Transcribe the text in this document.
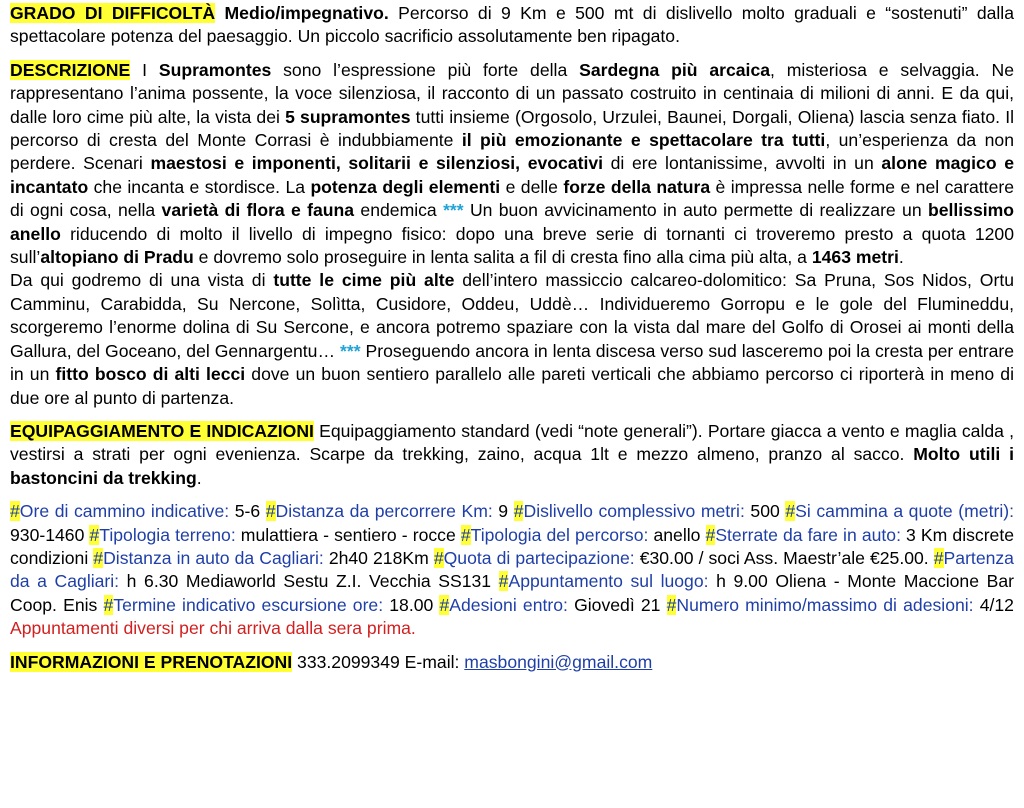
GRADO DI DIFFICOLTÀ Medio/impegnativo. Percorso di 9 Km e 500 mt di dislivello molto graduali e “sostenuti” dalla spettacolare potenza del paesaggio. Un piccolo sacrificio assolutamente ben ripagato.

DESCRIZIONE I Supramontes sono l’espressione più forte della Sardegna più arcaica, misteriosa e selvaggia. Ne rappresentano l’anima possente, la voce silenziosa, il racconto di un passato costruito in centinaia di milioni di anni. E da qui, dalle loro cime più alte, la vista dei 5 supramontes tutti insieme (Orgosolo, Urzulei, Baunei, Dorgali, Oliena) lascia senza fiato. Il percorso di cresta del Monte Corrasi è indubbiamente il più emozionante e spettacolare tra tutti, un’esperienza da non perdere. Scenari maestosi e imponenti, solitarii e silenziosi, evocativi di ere lontanissime, avvolti in un alone magico e incantato che incanta e stordisce. La potenza degli elementi e delle forze della natura è impressa nelle forme e nel carattere di ogni cosa, nella varietà di flora e fauna endemica *** Un buon avvicinamento in auto permette di realizzare un bellissimo anello riducendo di molto il livello di impegno fisico: dopo una breve serie di tornanti ci troveremo presto a quota 1200 sull’altopiano di Pradu e dovremo solo proseguire in lenta salita a fil di cresta fino alla cima più alta, a 1463 metri.

Da qui godremo di una vista di tutte le cime più alte dell’intero massiccio calcareo-dolomitico: Sa Pruna, Sos Nidos, Ortu Camminu, Carabidda, Su Nercone, Solìtta, Cusidore, Oddeu, Uddè… Individueremo Gorropu e le gole del Flumineddu, scorgeremo l’enorme dolina di Su Sercone, e ancora potremo spaziare con la vista dal mare del Golfo di Orosei ai monti della Gallura, del Goceano, del Gennargentu… *** Proseguendo ancora in lenta discesa verso sud lasceremo poi la cresta per entrare in un fitto bosco di alti lecci dove un buon sentiero parallelo alle pareti verticali che abbiamo percorso ci riporterà in meno di due ore al punto di partenza.

EQUIPAGGIAMENTO E INDICAZIONI Equipaggiamento standard (vedi “note generali”). Portare giacca a vento e maglia calda , vestirsi a strati per ogni evenienza. Scarpe da trekking, zaino, acqua 1lt e mezzo almeno, pranzo al sacco. Molto utili i bastoncini da trekking.

#Ore di cammino indicative: 5-6 #Distanza da percorrere Km: 9 #Dislivello complessivo metri: 500 #Si cammina a quote (metri): 930-1460 #Tipologia terreno: mulattiera - sentiero - rocce #Tipologia del percorso: anello #Sterrate da fare in auto: 3 Km discrete condizioni #Distanza in auto da Cagliari: 2h40 218Km #Quota di partecipazione: €30.00 / soci Ass. Maestr’ale €25.00. #Partenza da a Cagliari: h 6.30 Mediaworld Sestu Z.I. Vecchia SS131 #Appuntamento sul luogo: h 9.00 Oliena - Monte Maccione Bar Coop. Enis #Termine indicativo escursione ore: 18.00 #Adesioni entro: Giovedì 21 #Numero minimo/massimo di adesioni: 4/12 Appuntamenti diversi per chi arriva dalla sera prima.

INFORMAZIONI E PRENOTAZIONI 333.2099349 E-mail: masbongini@gmail.com
